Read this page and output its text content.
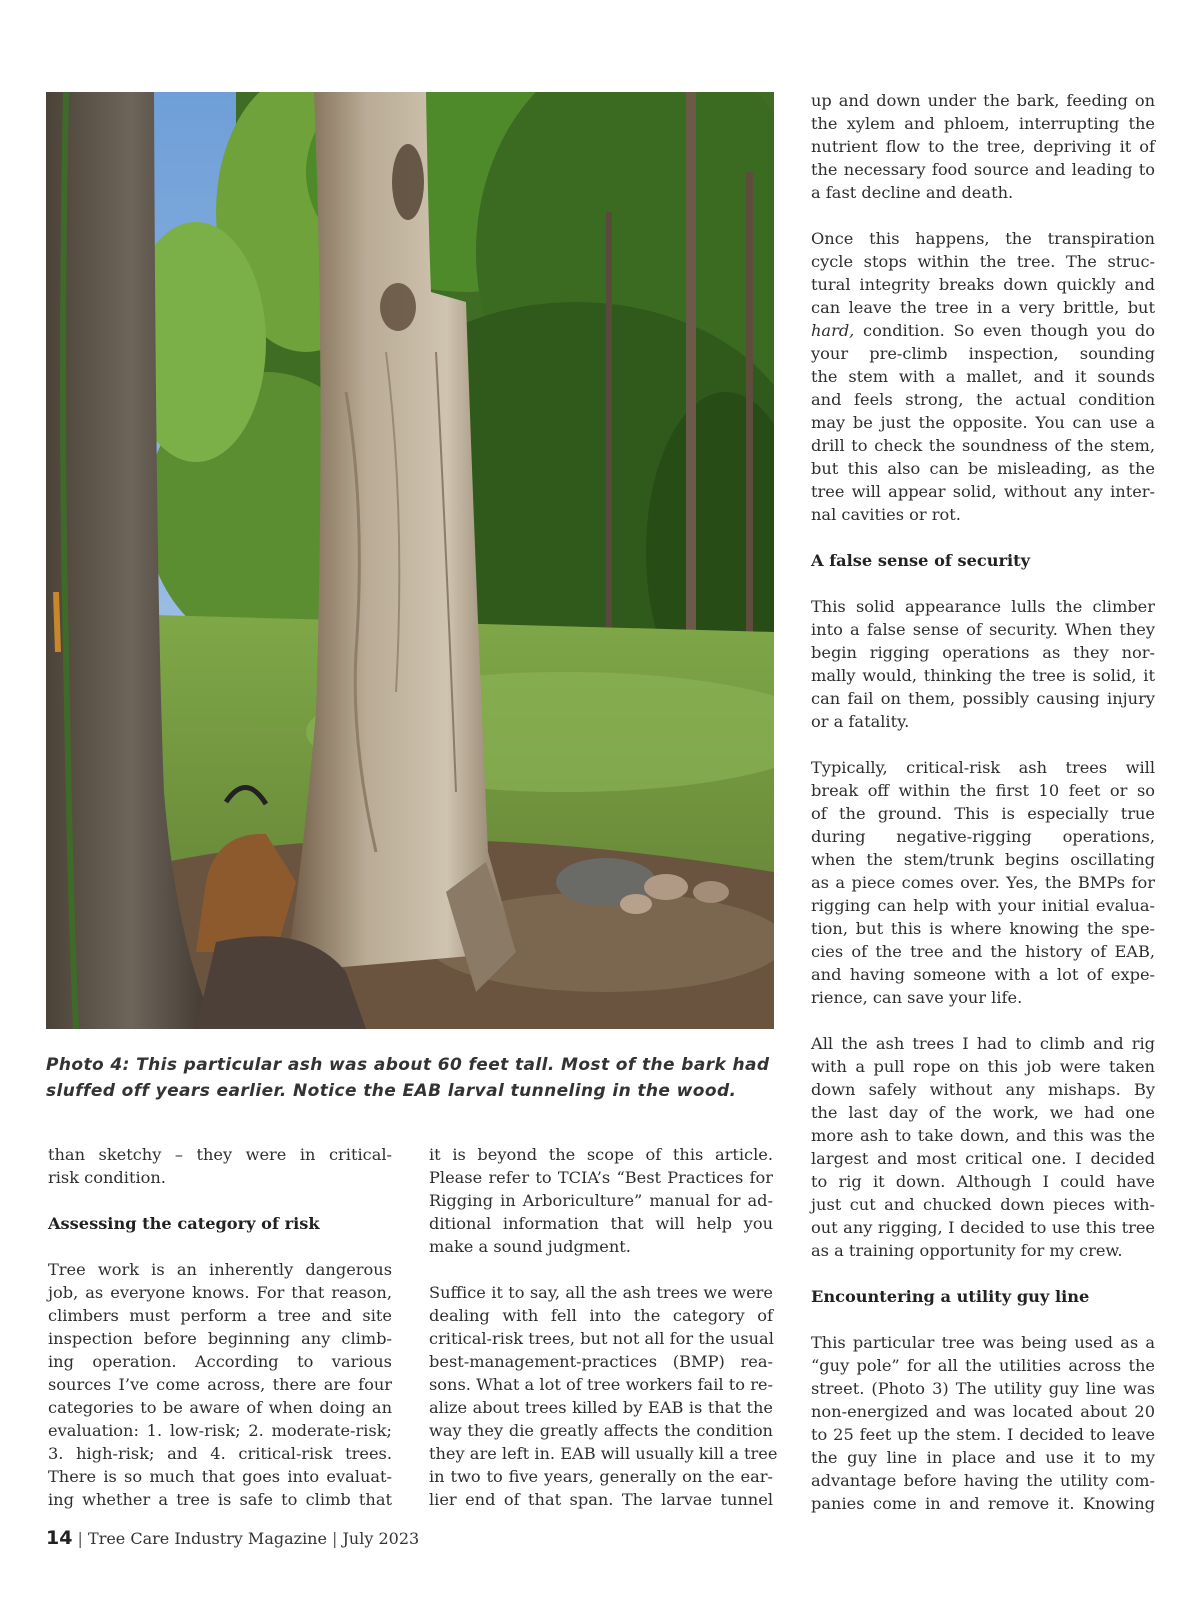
Photo 4: This particular ash was about 60 feet tall. Most of the bark had
sluffed off years earlier. Notice the EAB larval tunneling in the wood.

than sketchy – they were in critical-
risk condition.

Assessing the category of risk

Tree work is an inherently dangerous
job, as everyone knows. For that reason,
climbers must perform a tree and site
inspection before beginning any climb-
ing operation. According to various
sources I’ve come across, there are four
categories to be aware of when doing an
evaluation: 1. low-risk; 2. moderate-risk;
3. high-risk; and 4. critical-risk trees.
There is so much that goes into evaluat-
ing whether a tree is safe to climb that

it is beyond the scope of this article.
Please refer to TCIA’s “Best Practices for
Rigging in Arboriculture” manual for ad-
ditional information that will help you
make a sound judgment.

Suffice it to say, all the ash trees we were
dealing with fell into the category of
critical-risk trees, but not all for the usual
best-management-practices (BMP) rea-
sons. What a lot of tree workers fail to re-
alize about trees killed by EAB is that the
way they die greatly affects the condition
they are left in. EAB will usually kill a tree
in two to five years, generally on the ear-
lier end of that span. The larvae tunnel

up and down under the bark, feeding on
the xylem and phloem, interrupting the
nutrient flow to the tree, depriving it of
the necessary food source and leading to
a fast decline and death.

Once this happens, the transpiration
cycle stops within the tree. The struc-
tural integrity breaks down quickly and
can leave the tree in a very brittle, but
hard, condition. So even though you do
your pre-climb inspection, sounding
the stem with a mallet, and it sounds
and feels strong, the actual condition
may be just the opposite. You can use a
drill to check the soundness of the stem,
but this also can be misleading, as the
tree will appear solid, without any inter-
nal cavities or rot.

A false sense of security

This solid appearance lulls the climber
into a false sense of security. When they
begin rigging operations as they nor-
mally would, thinking the tree is solid, it
can fail on them, possibly causing injury
or a fatality.

Typically, critical-risk ash trees will
break off within the first 10 feet or so
of the ground. This is especially true
during negative-rigging operations,
when the stem/trunk begins oscillating
as a piece comes over. Yes, the BMPs for
rigging can help with your initial evalua-
tion, but this is where knowing the spe-
cies of the tree and the history of EAB,
and having someone with a lot of expe-
rience, can save your life.

All the ash trees I had to climb and rig
with a pull rope on this job were taken
down safely without any mishaps. By
the last day of the work, we had one
more ash to take down, and this was the
largest and most critical one. I decided
to rig it down. Although I could have
just cut and chucked down pieces with-
out any rigging, I decided to use this tree
as a training opportunity for my crew.

Encountering a utility guy line

This particular tree was being used as a
“guy pole” for all the utilities across the
street. (Photo 3) The utility guy line was
non-energized and was located about 20
to 25 feet up the stem. I decided to leave
the guy line in place and use it to my
advantage before having the utility com-
panies come in and remove it. Knowing

14 | Tree Care Industry Magazine | July 2023
